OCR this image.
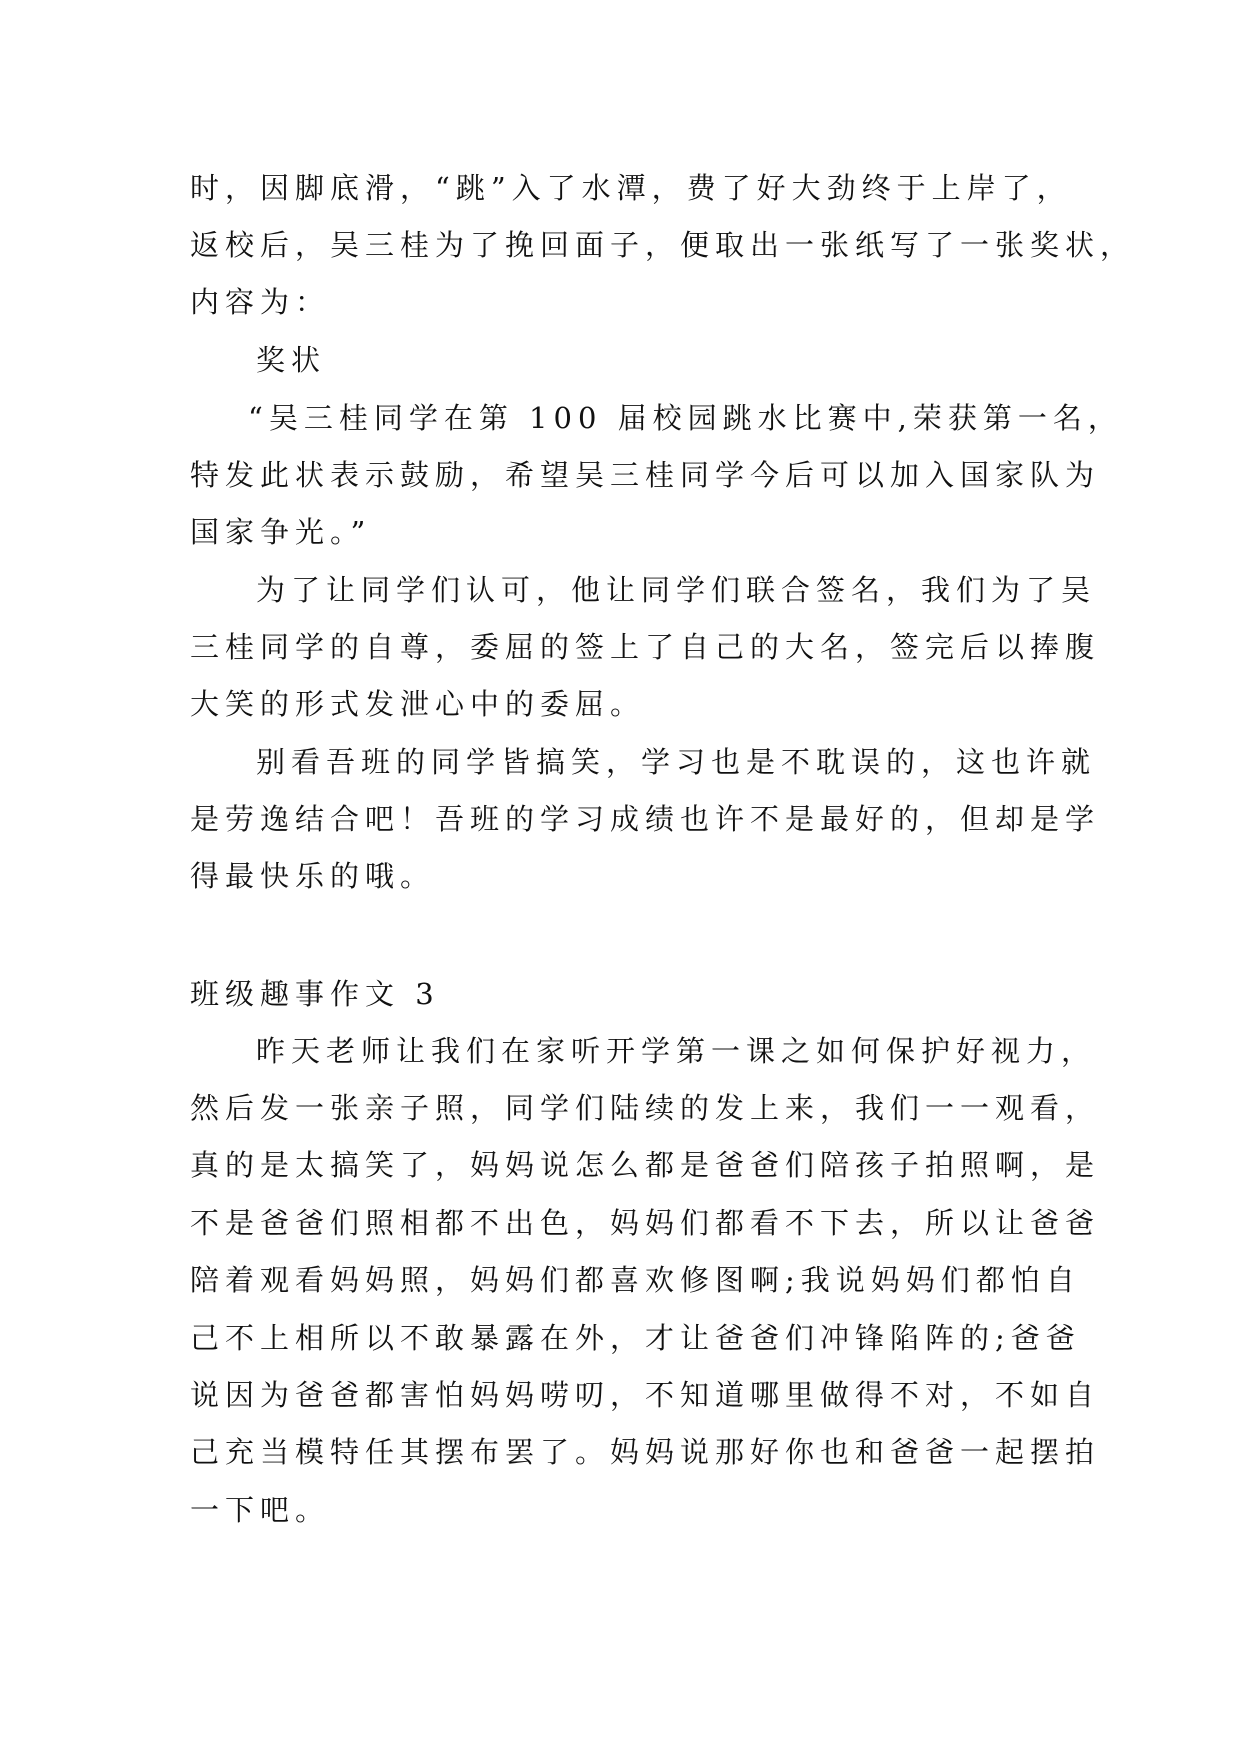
时，因脚底滑，“跳”入了水潭，费了好大劲终于上岸了，
返校后，吴三桂为了挽回面子，便取出一张纸写了一张奖状，
内容为：
奖状
“吴三桂同学在第 100 届校园跳水比赛中,荣获第一名，
特发此状表示鼓励，希望吴三桂同学今后可以加入国家队为
国家争光。”
为了让同学们认可，他让同学们联合签名，我们为了吴
三桂同学的自尊，委屈的签上了自己的大名，签完后以捧腹
大笑的形式发泄心中的委屈。
别看吾班的同学皆搞笑，学习也是不耽误的，这也许就
是劳逸结合吧！吾班的学习成绩也许不是最好的，但却是学
得最快乐的哦。
班级趣事作文 3
昨天老师让我们在家听开学第一课之如何保护好视力，
然后发一张亲子照，同学们陆续的发上来，我们一一观看，
真的是太搞笑了，妈妈说怎么都是爸爸们陪孩子拍照啊，是
不是爸爸们照相都不出色，妈妈们都看不下去，所以让爸爸
陪着观看妈妈照，妈妈们都喜欢修图啊;我说妈妈们都怕自
己不上相所以不敢暴露在外，才让爸爸们冲锋陷阵的;爸爸
说因为爸爸都害怕妈妈唠叨，不知道哪里做得不对，不如自
己充当模特任其摆布罢了。妈妈说那好你也和爸爸一起摆拍
一下吧。
